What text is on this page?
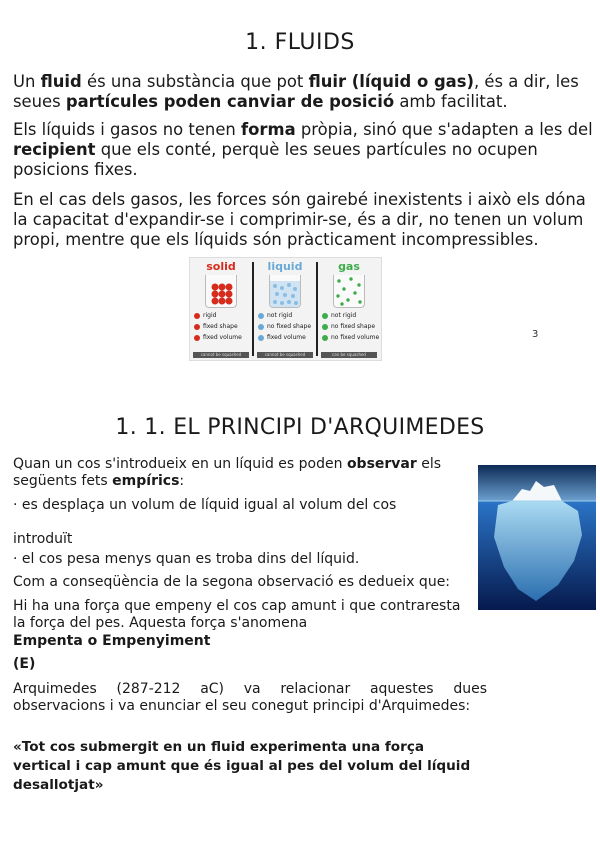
1. FLUIDS

Un fluid és una substància que pot fluir (líquid o gas), és a dir, les seues partícules poden canviar de posició amb facilitat.

Els líquids i gasos no tenen forma pròpia, sinó que s'adapten a les del recipient que els conté, perquè les seues partícules no ocupen posicions fixes.

En el cas dels gasos, les forces són gairebé inexistents i això els dóna la capacitat d'expandir-se i comprimir-se, és a dir, no tenen un volum propi, mentre que els líquids són pràcticament incompressibles.

solid
rigid
fixed shape
fixed volume
cannot be squashed
liquid
not rigid
no fixed shape
fixed volume
cannot be squashed
gas
not rigid
no fixed shape
no fixed volume
can be squashed
3
1. 1. EL PRINCIPI D'ARQUIMEDES

Quan un cos s'introdueix en un líquid es poden observar els següents fets empírics:

· es desplaça un volum de líquid igual al volum del cos

introduït

· el cos pesa menys quan es troba dins del líquid.

Com a conseqüència de la segona observació es dedueix que:

Hi ha una força que empeny el cos cap amunt i que contraresta la força del pes. Aquesta força s'anomena

Empenta o Empenyiment

(E)

Arquimedes (287-212 aC) va relacionar aquestes dues observacions i va enunciar el seu conegut principi d'Arquimedes:

«Tot cos submergit en un fluid experimenta una força vertical i cap amunt que és igual al pes del volum del líquid desallotjat»
